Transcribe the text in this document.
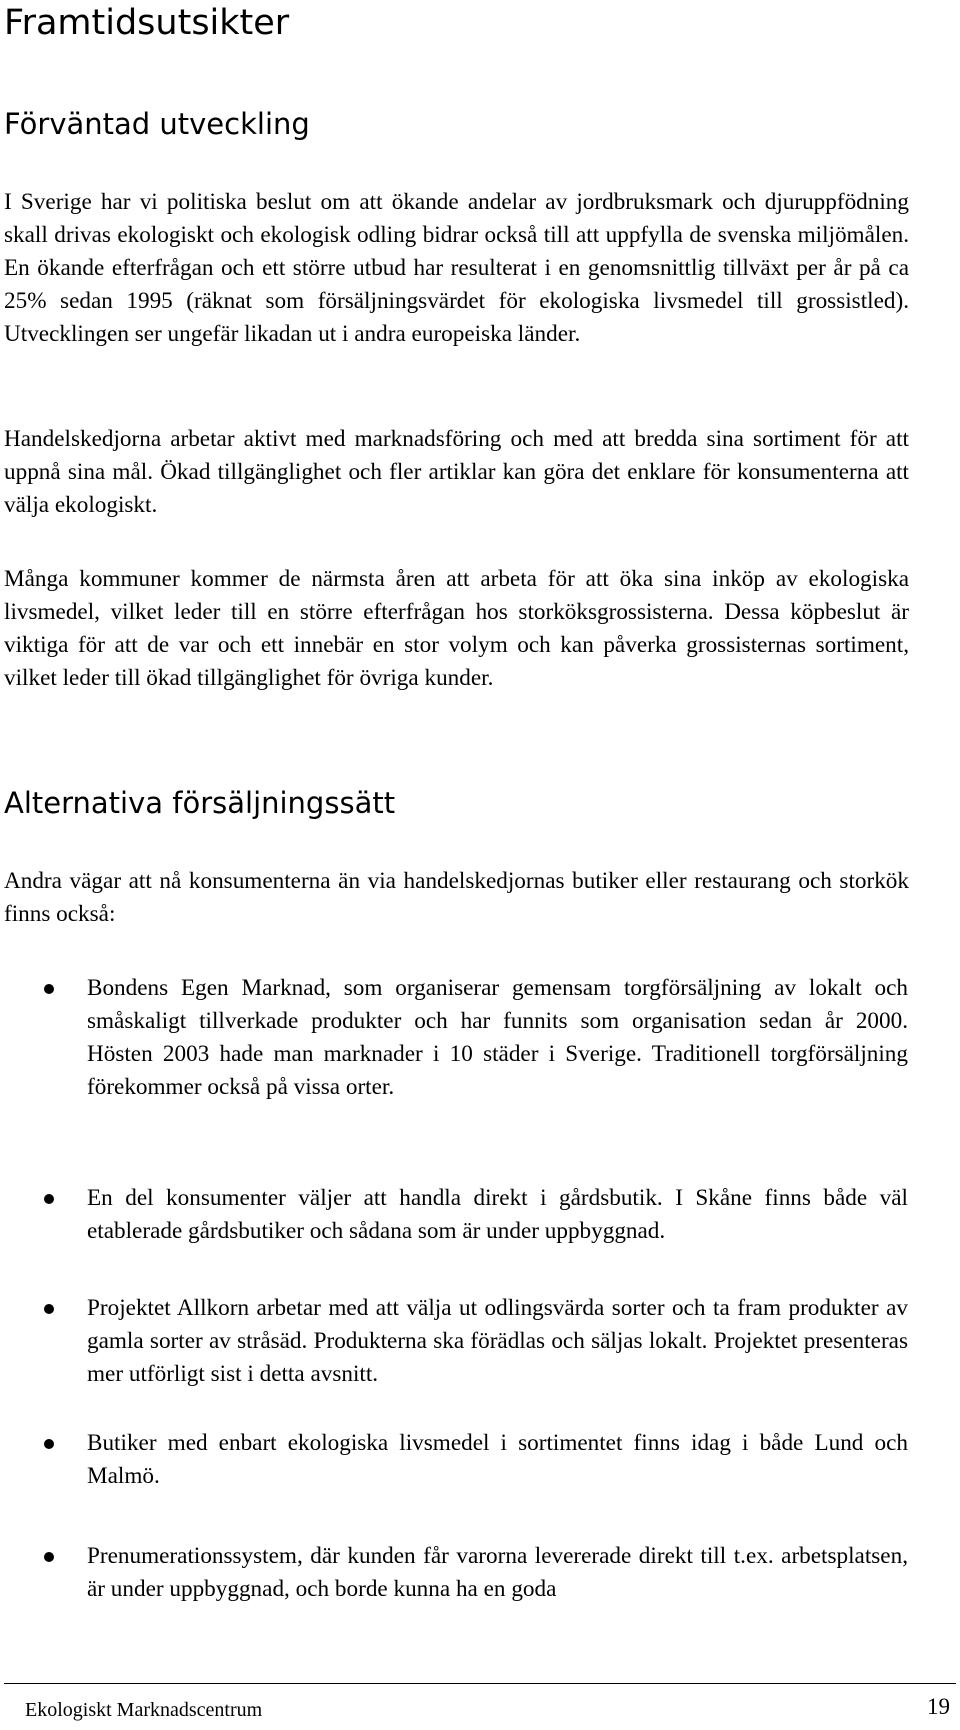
Framtidsutsikter
Förväntad utveckling

I Sverige har vi politiska beslut om att ökande andelar av jordbruksmark och djuruppfödning skall drivas ekologiskt och ekologisk odling bidrar också till att uppfylla de svenska miljömålen. En ökande efterfrågan och ett större utbud har resulterat i en genomsnittlig tillväxt per år på ca 25% sedan 1995 (räknat som försäljningsvärdet för ekologiska livsmedel till grossistled). Utvecklingen ser ungefär likadan ut i andra europeiska länder.

Handelskedjorna arbetar aktivt med marknadsföring och med att bredda sina sortiment för att uppnå sina mål. Ökad tillgänglighet och fler artiklar kan göra det enklare för konsumenterna att välja ekologiskt.

Många kommuner kommer de närmsta åren att arbeta för att öka sina inköp av ekologiska livsmedel, vilket leder till en större efterfrågan hos storköksgrossisterna. Dessa köpbeslut är viktiga för att de var och ett innebär en stor volym och kan påverka grossisternas sortiment, vilket leder till ökad tillgänglighet för övriga kunder.

Alternativa försäljningssätt

Andra vägar att nå konsumenterna än via handelskedjornas butiker eller restaurang och storkök finns också:

Bondens Egen Marknad, som organiserar gemensam torgförsäljning av lokalt och småskaligt tillverkade produkter och har funnits som organisation sedan år 2000. Hösten 2003 hade man marknader i 10 städer i Sverige. Traditionell torgförsäljning förekommer också på vissa orter.
En del konsumenter väljer att handla direkt i gårdsbutik. I Skåne finns både väl etablerade gårdsbutiker och sådana som är under uppbyggnad.
Projektet Allkorn arbetar med att välja ut odlingsvärda sorter och ta fram produkter av gamla sorter av stråsäd. Produkterna ska förädlas och säljas lokalt. Projektet presenteras mer utförligt sist i detta avsnitt.
Butiker med enbart ekologiska livsmedel i sortimentet finns idag i både Lund och Malmö.
Prenumerationssystem, där kunden får varorna levererade direkt till t.ex. arbetsplatsen, är under uppbyggnad, och borde kunna ha en goda
Ekologiskt Marknadscentrum	19
